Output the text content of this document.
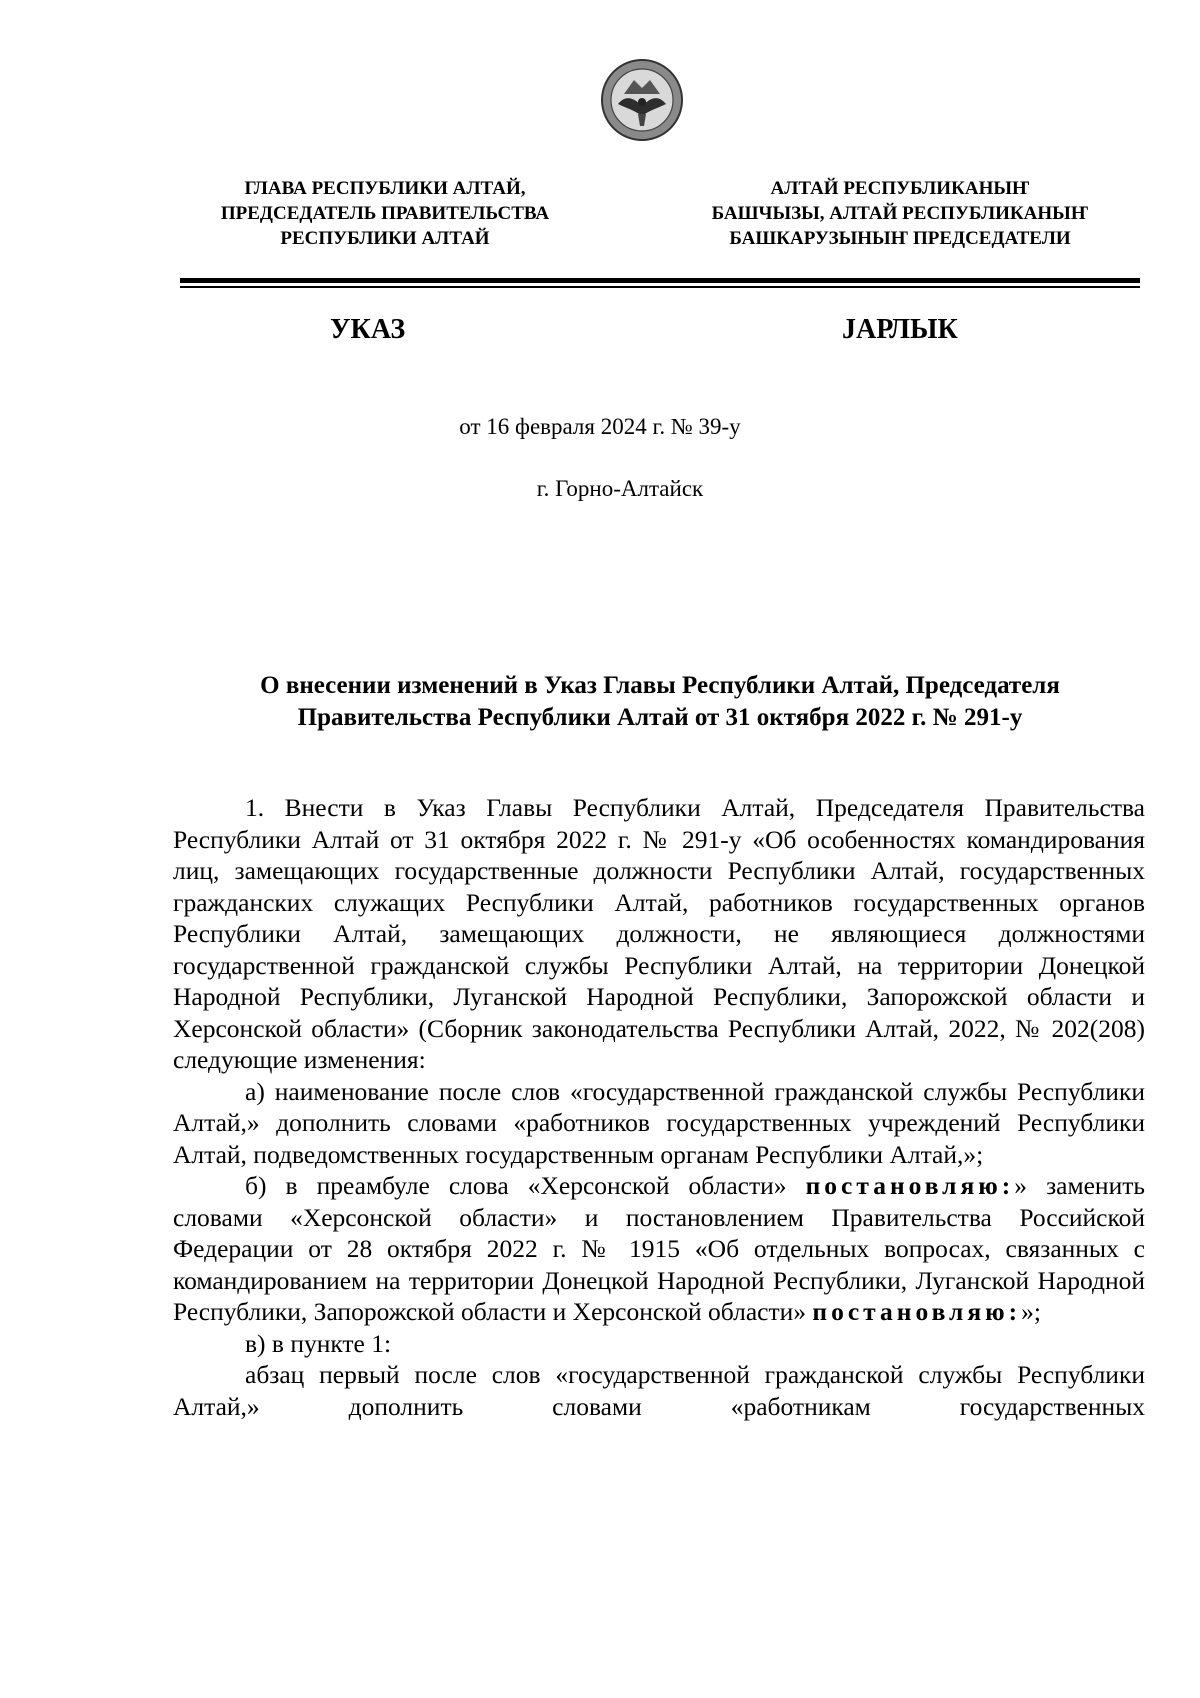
ГЛАВА РЕСПУБЛИКИ АЛТАЙ,
ПРЕДСЕДАТЕЛЬ ПРАВИТЕЛЬСТВА
РЕСПУБЛИКИ АЛТАЙ
АЛТАЙ РЕСПУБЛИКАНЫҤ
БАШЧЫЗЫ, АЛТАЙ РЕСПУБЛИКАНЫҤ
БАШКАРУЗЫНЫҤ ПРЕДСЕДАТЕЛИ
УКАЗ	ЈАРЛЫК
от 16 февраля 2024 г. № 39-у
г. Горно-Алтайск
О внесении изменений в Указ Главы Республики Алтай, Председателя
Правительства Республики Алтай от 31 октября 2022 г. № 291-у

1. Внести в Указ Главы Республики Алтай, Председателя Правительства Республики Алтай от 31 октября 2022 г. № 291-у «Об особенностях командирования лиц, замещающих государственные должности Республики Алтай, государственных гражданских служащих Республики Алтай, работников государственных органов Республики Алтай, замещающих должности, не являющиеся должностями государственной гражданской службы Республики Алтай, на территории Донецкой Народной Республики, Луганской Народной Республики, Запорожской области и Херсонской области» (Сборник законодательства Республики Алтай, 2022, № 202(208) следующие изменения:

а) наименование после слов «государственной гражданской службы Республики Алтай,» дополнить словами «работников государственных учреждений Республики Алтай, подведомственных государственным органам Республики Алтай,»;

б) в преамбуле слова «Херсонской области» постановляю:» заменить словами «Херсонской области» и постановлением Правительства Российской Федерации от 28 октября 2022 г. № 1915 «Об отдельных вопросах, связанных с командированием на территории Донецкой Народной Республики, Луганской Народной Республики, Запорожской области и Херсонской области» постановляю:»;

в) в пункте 1:

абзац первый после слов «государственной гражданской службы Республики Алтай,» дополнить словами «работникам государственных
